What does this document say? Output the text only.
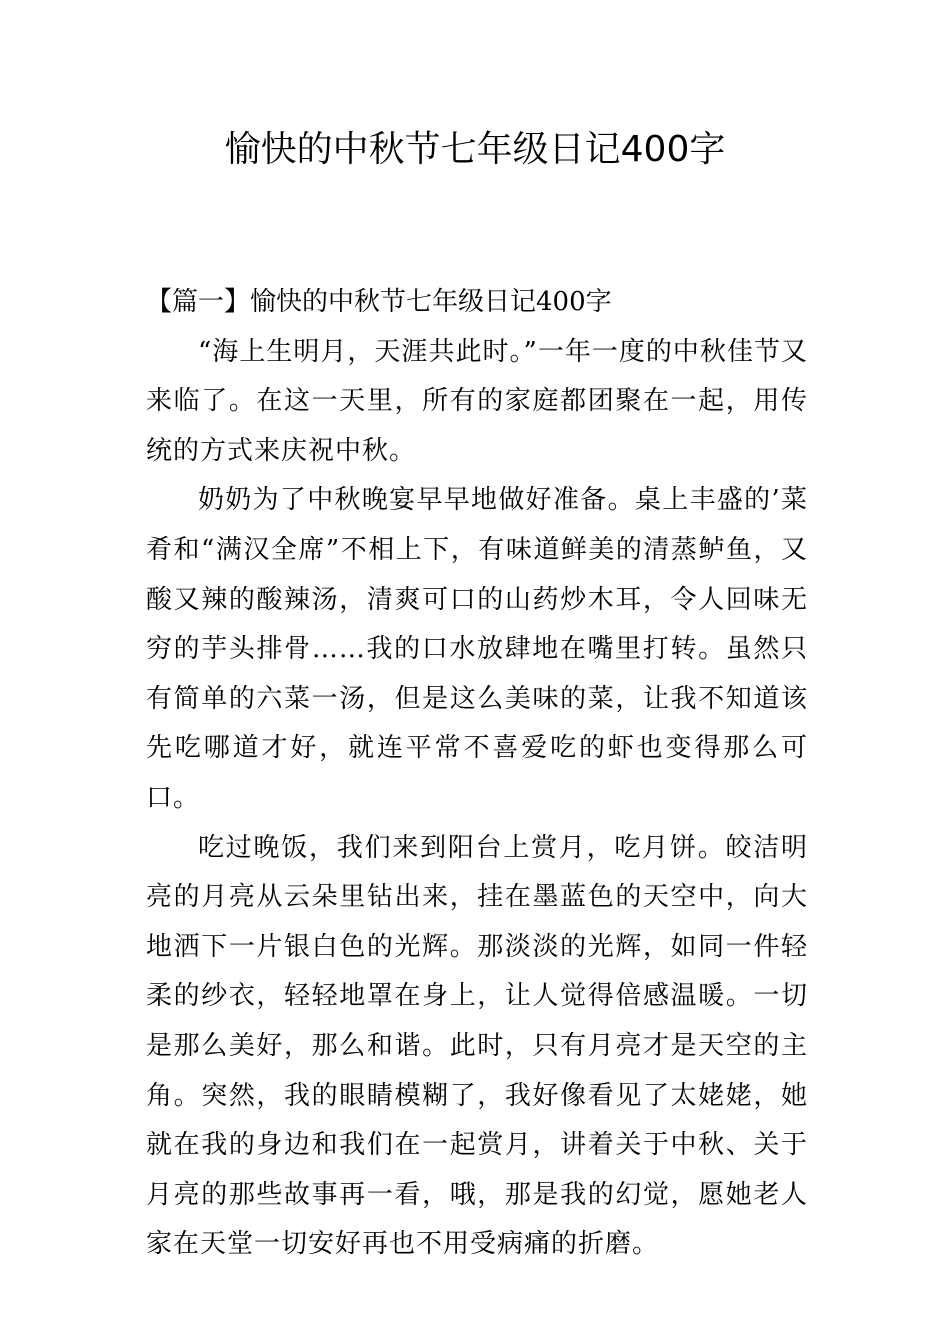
愉快的中秋节七年级日记400字

【篇一】愉快的中秋节七年级日记400字

“海上生明月，天涯共此时。”一年一度的中秋佳节又来临了。在这一天里，所有的家庭都团聚在一起，用传统的方式来庆祝中秋。

奶奶为了中秋晚宴早早地做好准备。桌上丰盛的’菜肴和“满汉全席”不相上下，有味道鲜美的清蒸鲈鱼，又酸又辣的酸辣汤，清爽可口的山药炒木耳，令人回味无穷的芋头排骨……我的口水放肆地在嘴里打转。虽然只有简单的六菜一汤，但是这么美味的菜，让我不知道该先吃哪道才好，就连平常不喜爱吃的虾也变得那么可口。

吃过晚饭，我们来到阳台上赏月，吃月饼。皎洁明亮的月亮从云朵里钻出来，挂在墨蓝色的天空中，向大地洒下一片银白色的光辉。那淡淡的光辉，如同一件轻柔的纱衣，轻轻地罩在身上，让人觉得倍感温暖。一切是那么美好，那么和谐。此时，只有月亮才是天空的主角。突然，我的眼睛模糊了，我好像看见了太姥姥，她就在我的身边和我们在一起赏月，讲着关于中秋、关于月亮的那些故事再一看，哦，那是我的幻觉，愿她老人家在天堂一切安好再也不用受病痛的折磨。
